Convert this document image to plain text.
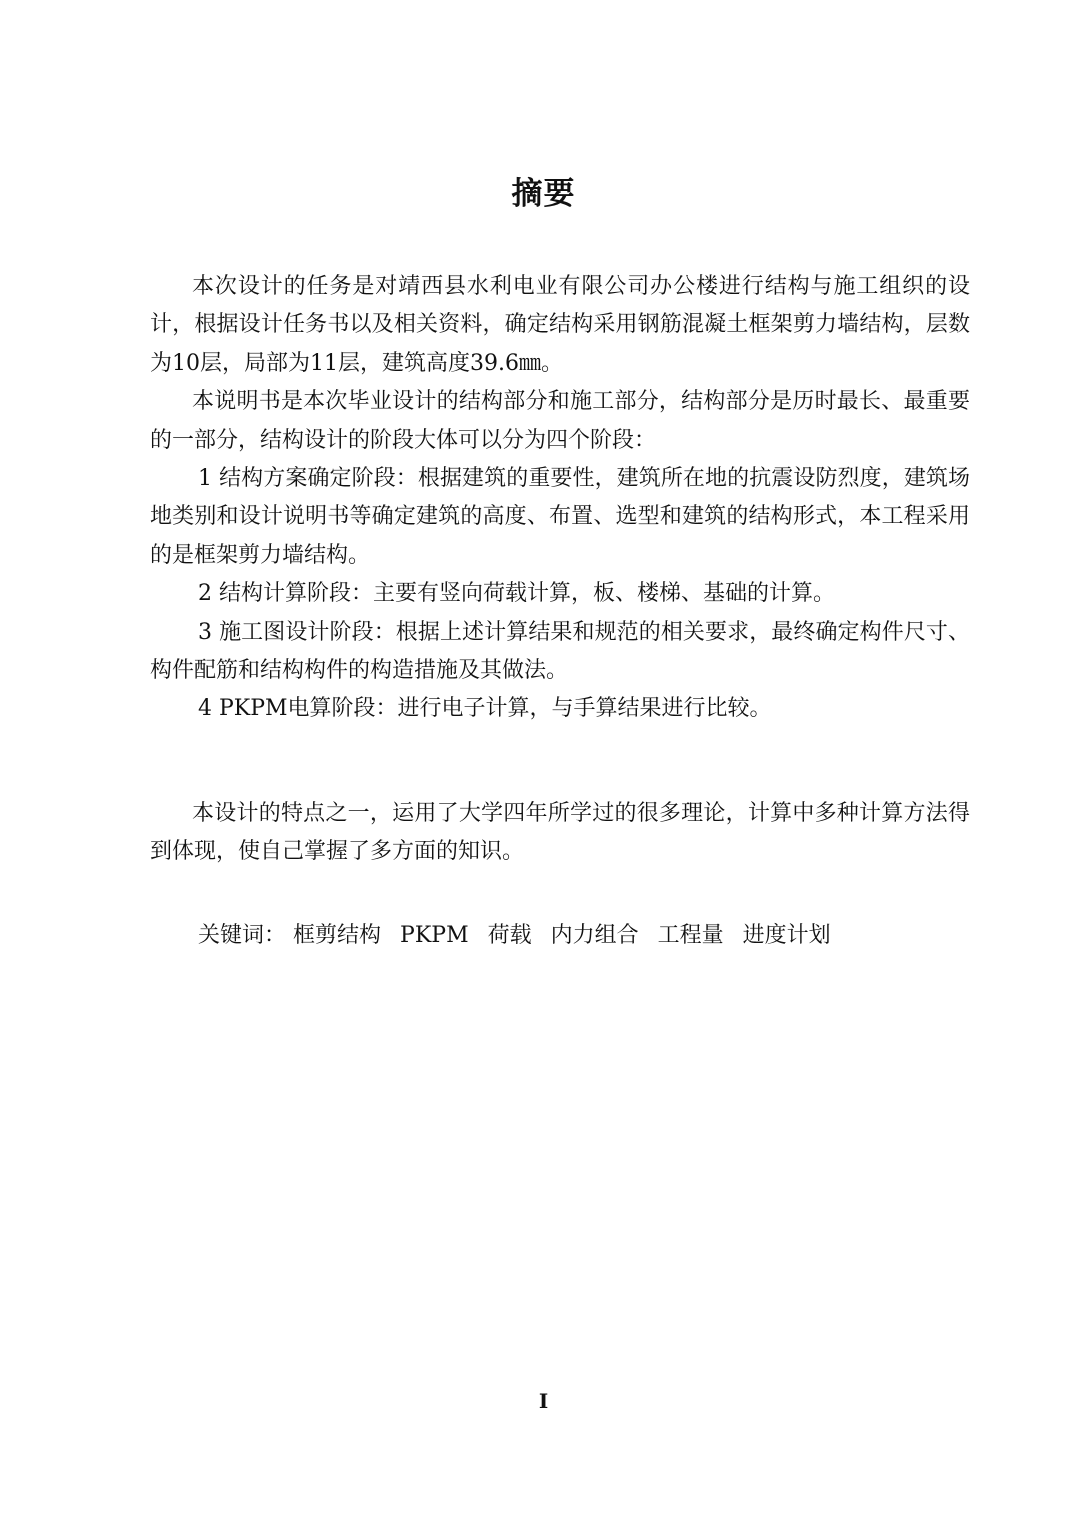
摘要

本次设计的任务是对靖西县水利电业有限公司办公楼进行结构与施工组织的设计，根据设计任务书以及相关资料，确定结构采用钢筋混凝土框架剪力墙结构，层数为10层，局部为11层，建筑高度39.6㎜。

本说明书是本次毕业设计的结构部分和施工部分，结构部分是历时最长、最重要的一部分，结构设计的阶段大体可以分为四个阶段：

1 结构方案确定阶段：根据建筑的重要性，建筑所在地的抗震设防烈度，建筑场地类别和设计说明书等确定建筑的高度、布置、选型和建筑的结构形式，本工程采用的是框架剪力墙结构。

2 结构计算阶段：主要有竖向荷载计算，板、楼梯、基础的计算。

3 施工图设计阶段：根据上述计算结果和规范的相关要求，最终确定构件尺寸、构件配筋和结构构件的构造措施及其做法。

4 PKPM电算阶段：进行电子计算，与手算结果进行比较。

本设计的特点之一，运用了大学四年所学过的很多理论，计算中多种计算方法得到体现，使自己掌握了多方面的知识。

关键词： 框剪结构 PKPM 荷载 内力组合 工程量 进度计划
I
